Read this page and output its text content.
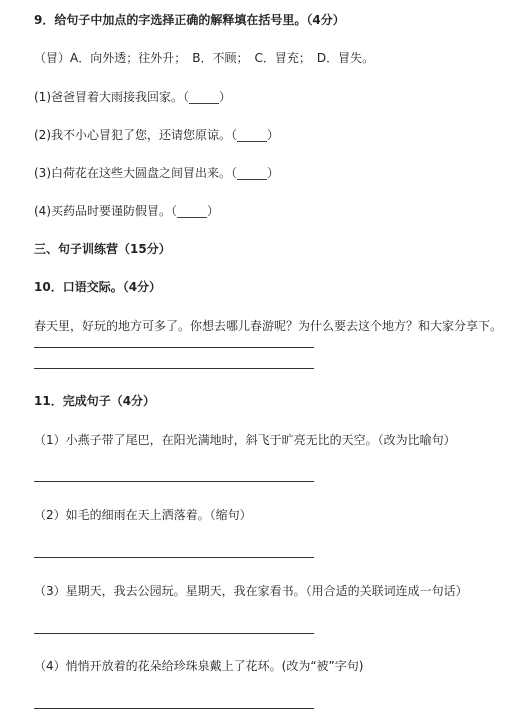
9．给句子中加点的字选择正确的解释填在括号里。（4分）
（冒）A．向外透；往外升；　B．不顾；　C．冒充；　D．冒失。
(1)爸爸冒着大雨接我回家。（_____）
(2)我不小心冒犯了您，还请您原谅。（_____）
(3)白荷花在这些大圆盘之间冒出来。（_____）
(4)买药品时要谨防假冒。（_____）
三、句子训练营（15分）
10．口语交际。（4分）
春天里，好玩的地方可多了。你想去哪儿春游呢？为什么要去这个地方？和大家分享下。
11．完成句子（4分）
（1）小燕子带了尾巴，在阳光满地时，斜飞于旷亮无比的天空。（改为比喻句）
（2）如毛的细雨在天上洒落着。（缩句）
（3）星期天，我去公园玩。星期天，我在家看书。（用合适的关联词连成一句话）
（4）悄悄开放着的花朵给珍珠泉戴上了花环。(改为“被”字句)
